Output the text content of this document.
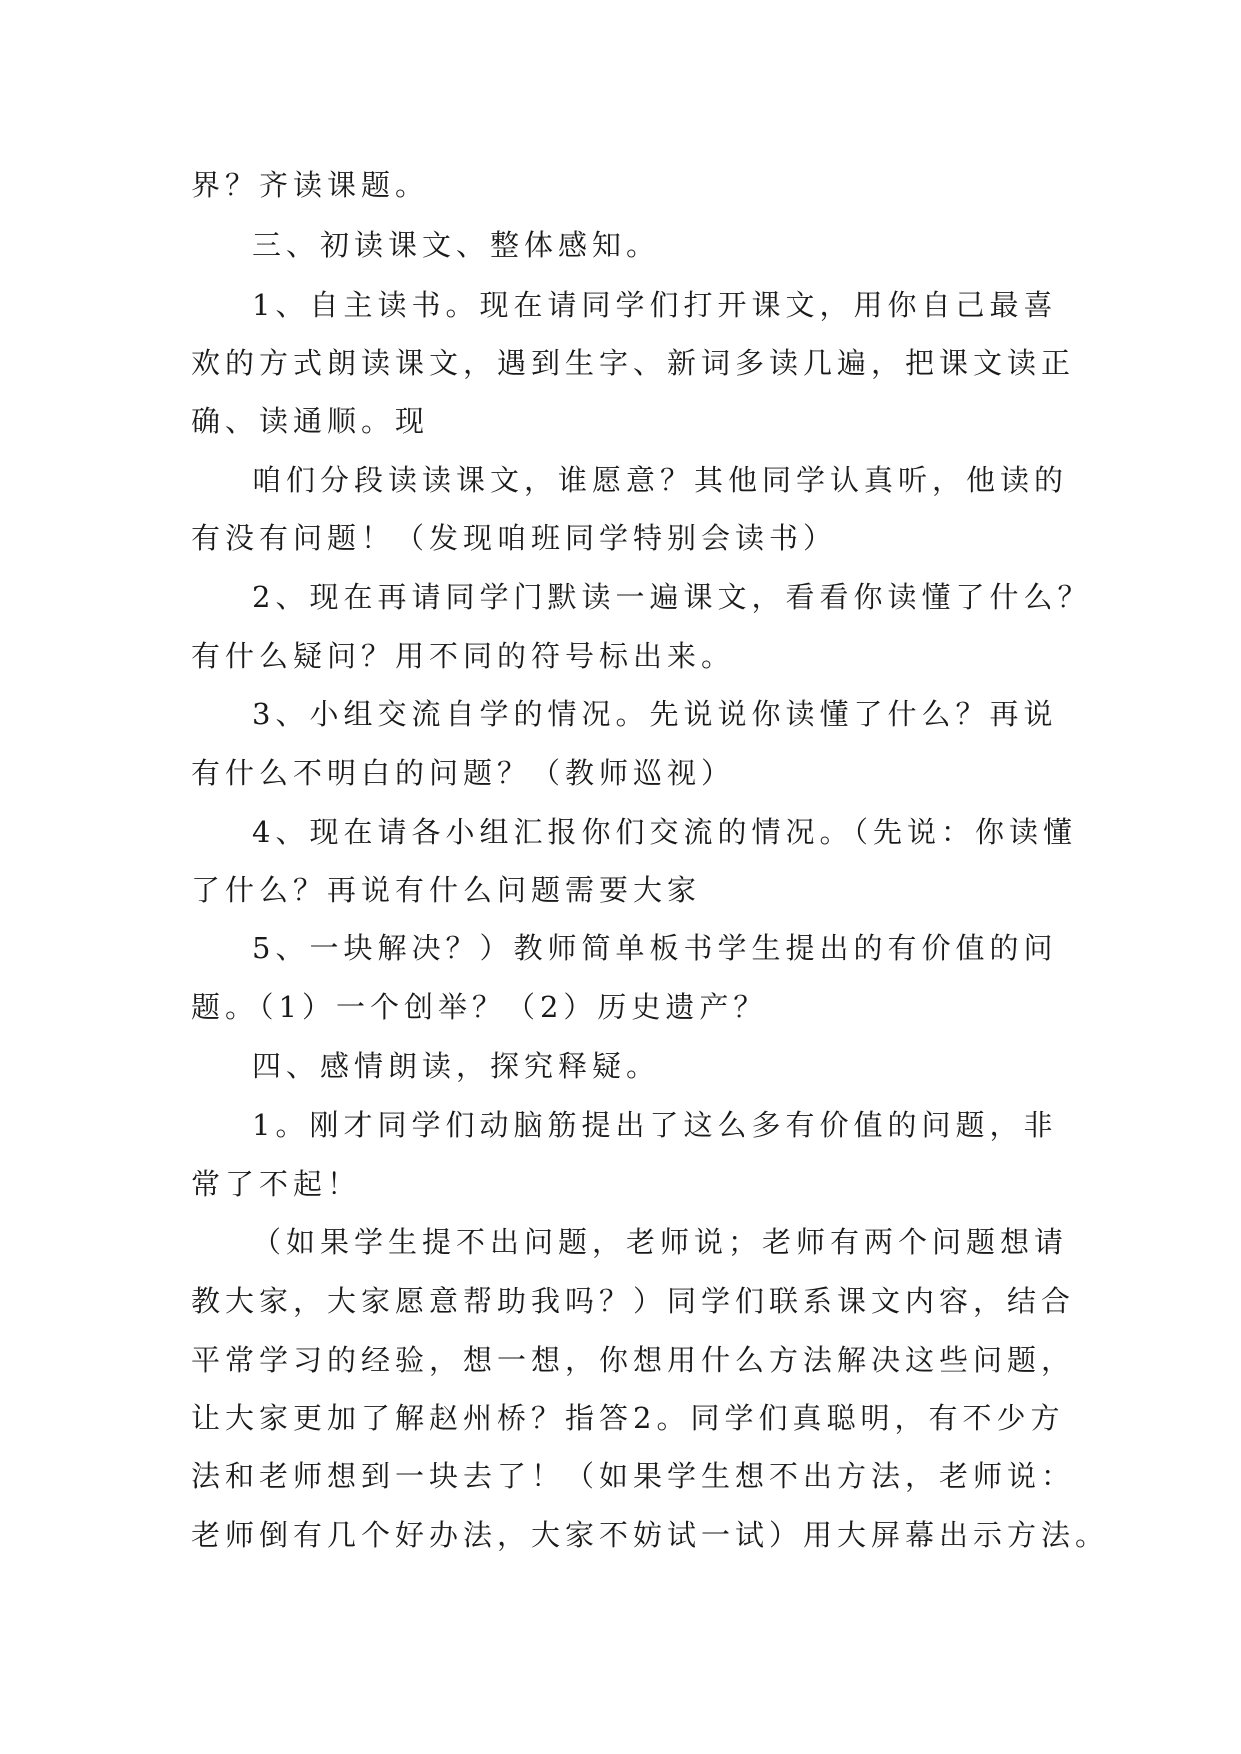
界？齐读课题。
三、初读课文、整体感知。
1、自主读书。现在请同学们打开课文，用你自己最喜
欢的方式朗读课文，遇到生字、新词多读几遍，把课文读正
确、读通顺。现
咱们分段读读课文，谁愿意？其他同学认真听，他读的
有没有问题！（发现咱班同学特别会读书）
2、现在再请同学门默读一遍课文，看看你读懂了什么？
有什么疑问？用不同的符号标出来。
3、小组交流自学的情况。先说说你读懂了什么？再说
有什么不明白的问题？（教师巡视）
4、现在请各小组汇报你们交流的情况。（先说：你读懂
了什么？再说有什么问题需要大家
5、一块解决？）教师简单板书学生提出的有价值的问
题。（1）一个创举？（2）历史遗产？
四、感情朗读，探究释疑。
1。刚才同学们动脑筋提出了这么多有价值的问题，非
常了不起！
（如果学生提不出问题，老师说；老师有两个问题想请
教大家，大家愿意帮助我吗？）同学们联系课文内容，结合
平常学习的经验，想一想，你想用什么方法解决这些问题，
让大家更加了解赵州桥？指答2。同学们真聪明，有不少方
法和老师想到一块去了！（如果学生想不出方法，老师说：
老师倒有几个好办法，大家不妨试一试）用大屏幕出示方法。
